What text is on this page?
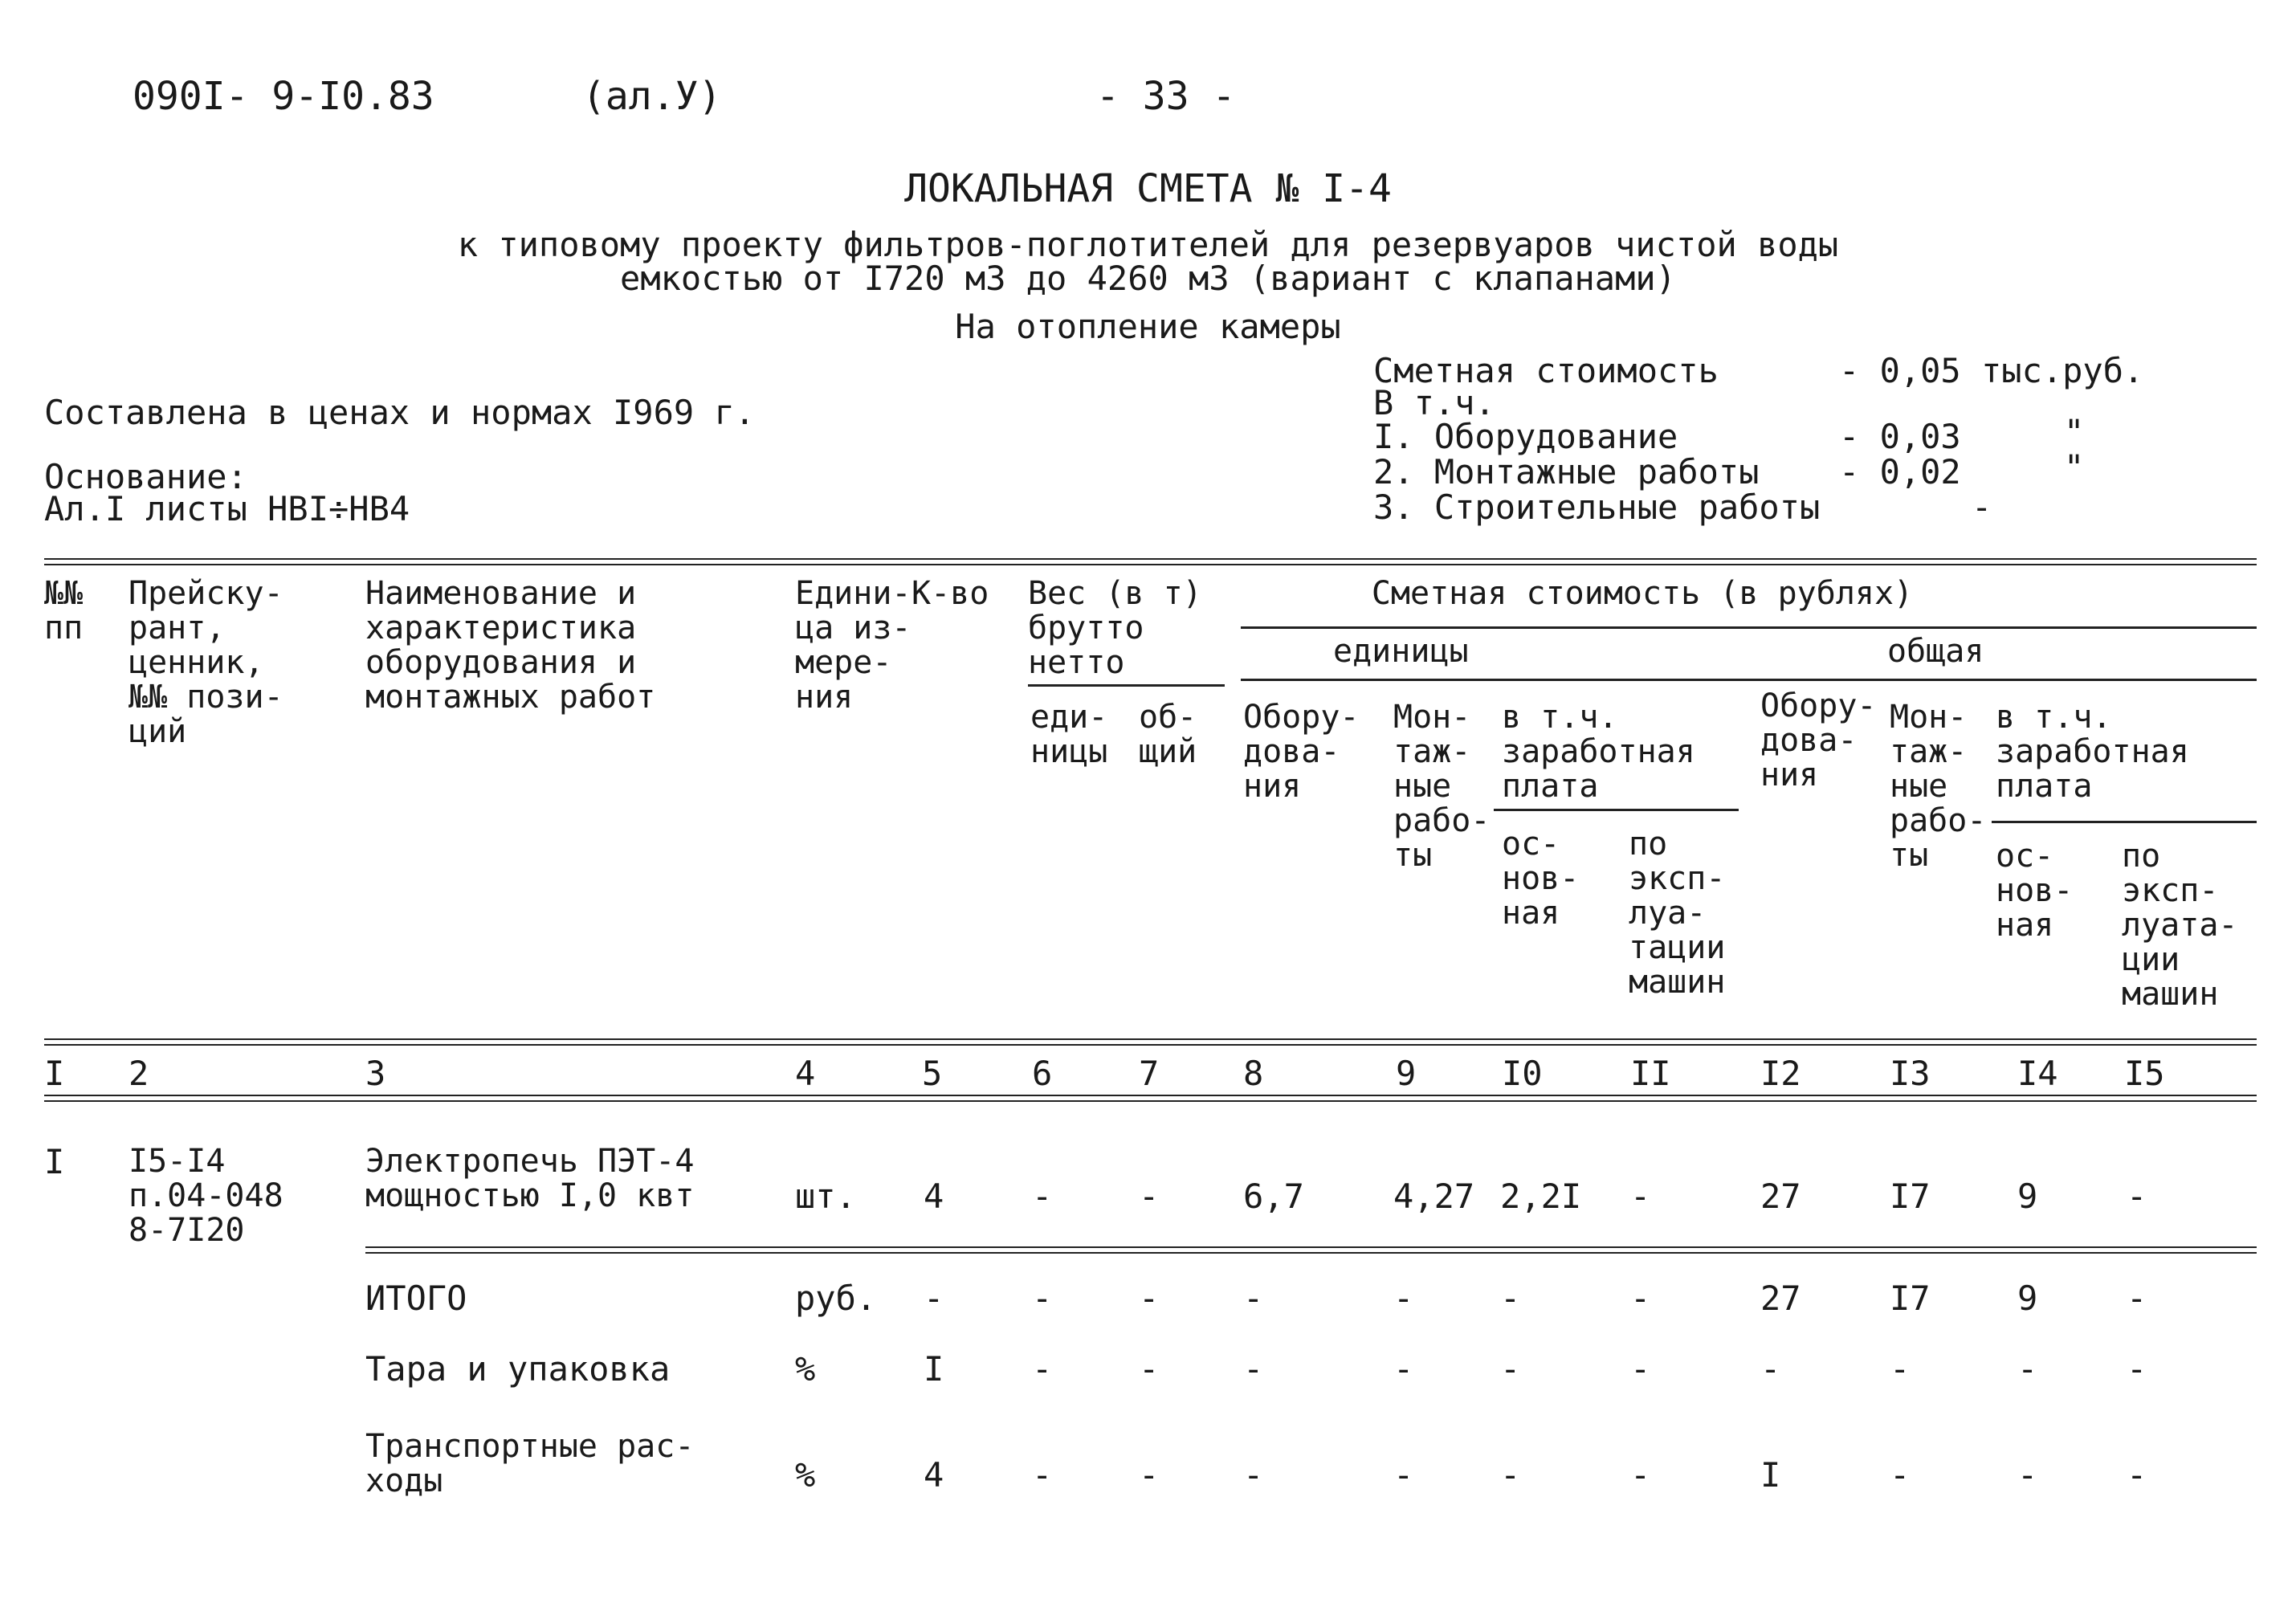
090I- 9-I0.83	(ал.У)	- 33 -
ЛОКАЛЬНАЯ СМЕТА № I-4
к типовому проекту фильтров-поглотителей для резервуаров чистой воды
емкостью от I720 м3 до 4260 м3 (вариант с клапанами)
На отопление камеры
Составлена в ценах и нормах I969 г.
Основание:
Ал.I листы НВI÷НВ4
Сметная стоимость	- 0,05 тыс.руб.
В т.ч.
I. Оборудование	- 0,03	"
2. Монтажные работы - 0,02	"
3. Строительные работы	-
№№
пп
Прейску-
рант,
ценник,
№№ пози-
ций
Наименование и
характеристика
оборудования и
монтажных работ
Едини-
ца из-
мере-
ния
К-во Вес (в т)
брутто
нетто
еди-
ницы
об-
щий
Сметная стоимость (в рублях)
единицы	общая
Обору-
дова-
ния
Мон-
таж-
ные
рабо-
ты
в т.ч.
заработная
плата
ос-
нов-
ная
по
эксп-
луа-
тации
машин
Обору-
дова-
ния
Мон-
таж-
ные
рабо-
ты
в т.ч.
заработная
плата
ос-
нов-
ная
по
эксп-
луата-
ции
машин
I 2	3	4	5	6	7 8	9	I0	II	I2	I3	I4 I5
I I5-I4
п.04-048
8-7I20
Электропечь ПЭТ-4
мощностью I,0 квт	шт. 4	-	- 6,7	4,27 2,2I -	27	I7	9	-
ИТОГО	руб. -	-	- -	-	-	-	27	I7	9	-
Тара и упаковка	%	I	-	- -	-	-	-	-	-	-	-
Транспортные рас-
ходы	%	4	-	- -	-	-	-	I	-	-	-
